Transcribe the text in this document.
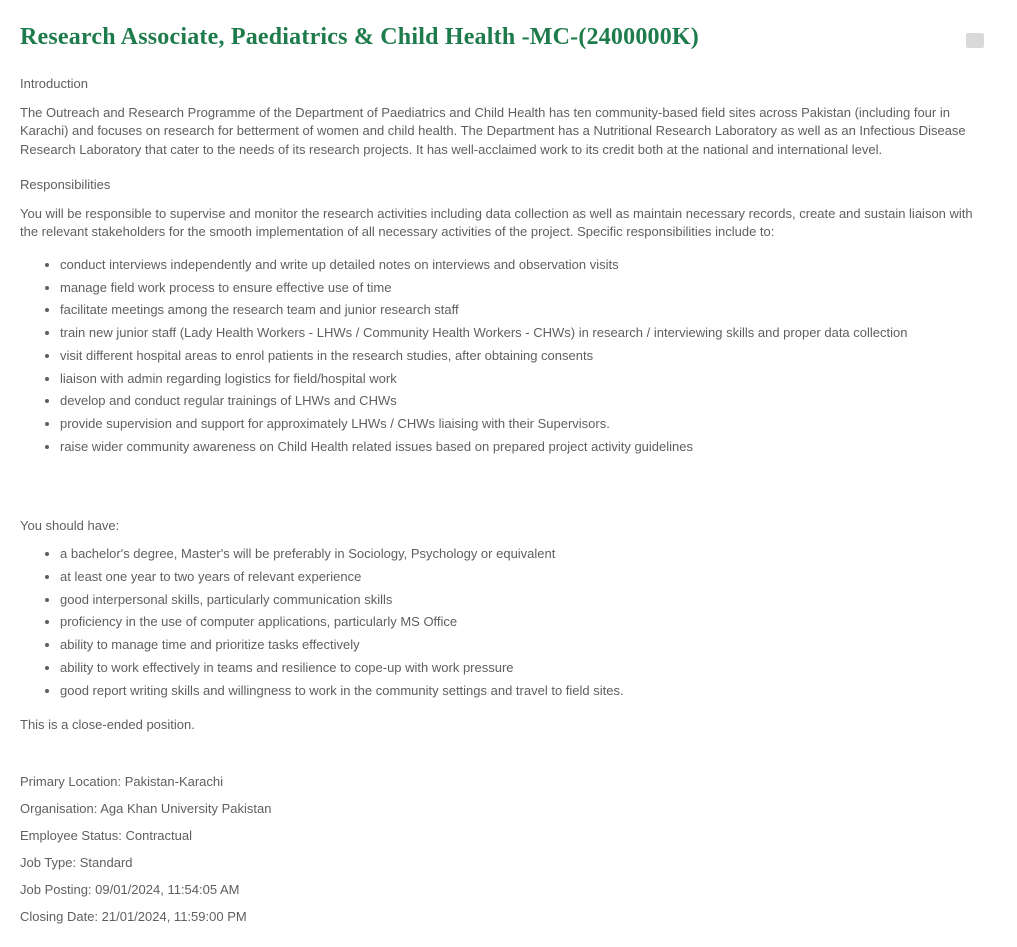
Research Associate, Paediatrics & Child Health -MC-(2400000K)

Introduction

The Outreach and Research Programme of the Department of Paediatrics and Child Health has ten community-based field sites across Pakistan (including four in Karachi) and focuses on research for betterment of women and child health. The Department has a Nutritional Research Laboratory as well as an Infectious Disease Research Laboratory that cater to the needs of its research projects. It has well-acclaimed work to its credit both at the national and international level.

Responsibilities

You will be responsible to supervise and monitor the research activities including data collection as well as maintain necessary records, create and sustain liaison with the relevant stakeholders for the smooth implementation of all necessary activities of the project. Specific responsibilities include to:

• conduct interviews independently and write up detailed notes on interviews and observation visits
• manage field work process to ensure effective use of time
• facilitate meetings among the research team and junior research staff
• train new junior staff (Lady Health Workers - LHWs / Community Health Workers - CHWs) in research / interviewing skills and proper data collection
• visit different hospital areas to enrol patients in the research studies, after obtaining consents
• liaison with admin regarding logistics for field/hospital work
• develop and conduct regular trainings of LHWs and CHWs
• provide supervision and support for approximately LHWs / CHWs liaising with their Supervisors.
• raise wider community awareness on Child Health related issues based on prepared project activity guidelines

You should have:

• a bachelor's degree, Master's will be preferably in Sociology, Psychology or equivalent
• at least one year to two years of relevant experience
• good interpersonal skills, particularly communication skills
• proficiency in the use of computer applications, particularly MS Office
• ability to manage time and prioritize tasks effectively
• ability to work effectively in teams and resilience to cope-up with work pressure
• good report writing skills and willingness to work in the community settings and travel to field sites.

This is a close-ended position.

Primary Location: Pakistan-Karachi

Organisation: Aga Khan University Pakistan

Employee Status: Contractual

Job Type: Standard

Job Posting: 09/01/2024, 11:54:05 AM

Closing Date: 21/01/2024, 11:59:00 PM
